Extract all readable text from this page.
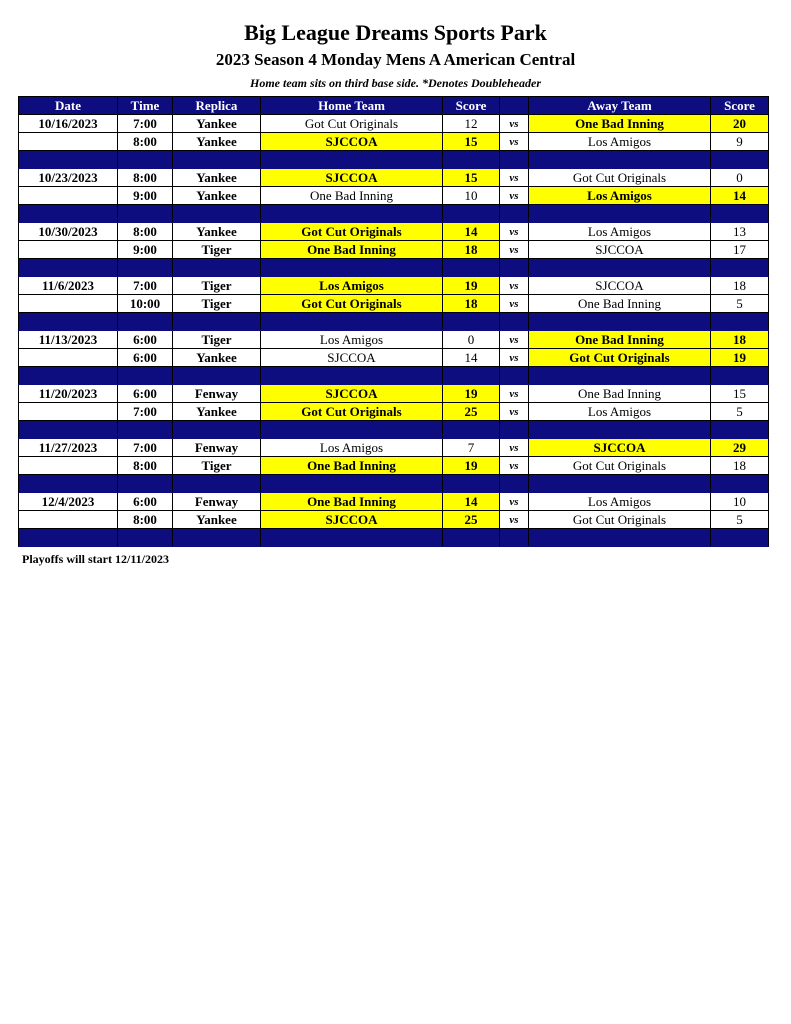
Big League Dreams Sports Park
2023 Season 4 Monday Mens A American Central
Home team sits on third base side. *Denotes Doubleheader
Date	Time	Replica	Home Team	Score		Away Team	Score
10/16/2023	7:00	Yankee	Got Cut Originals	12	vs	One Bad Inning	20
	8:00	Yankee	SJCCOA	15	vs	Los Amigos	9

10/23/2023	8:00	Yankee	SJCCOA	15	vs	Got Cut Originals	0
	9:00	Yankee	One Bad Inning	10	vs	Los Amigos	14

10/30/2023	8:00	Yankee	Got Cut Originals	14	vs	Los Amigos	13
	9:00	Tiger	One Bad Inning	18	vs	SJCCOA	17

11/6/2023	7:00	Tiger	Los Amigos	19	vs	SJCCOA	18
	10:00	Tiger	Got Cut Originals	18	vs	One Bad Inning	5

11/13/2023	6:00	Tiger	Los Amigos	0	vs	One Bad Inning	18
	6:00	Yankee	SJCCOA	14	vs	Got Cut Originals	19

11/20/2023	6:00	Fenway	SJCCOA	19	vs	One Bad Inning	15
	7:00	Yankee	Got Cut Originals	25	vs	Los Amigos	5

11/27/2023	7:00	Fenway	Los Amigos	7	vs	SJCCOA	29
	8:00	Tiger	One Bad Inning	19	vs	Got Cut Originals	18

12/4/2023	6:00	Fenway	One Bad Inning	14	vs	Los Amigos	10
	8:00	Yankee	SJCCOA	25	vs	Got Cut Originals	5

Playoffs will start 12/11/2023
